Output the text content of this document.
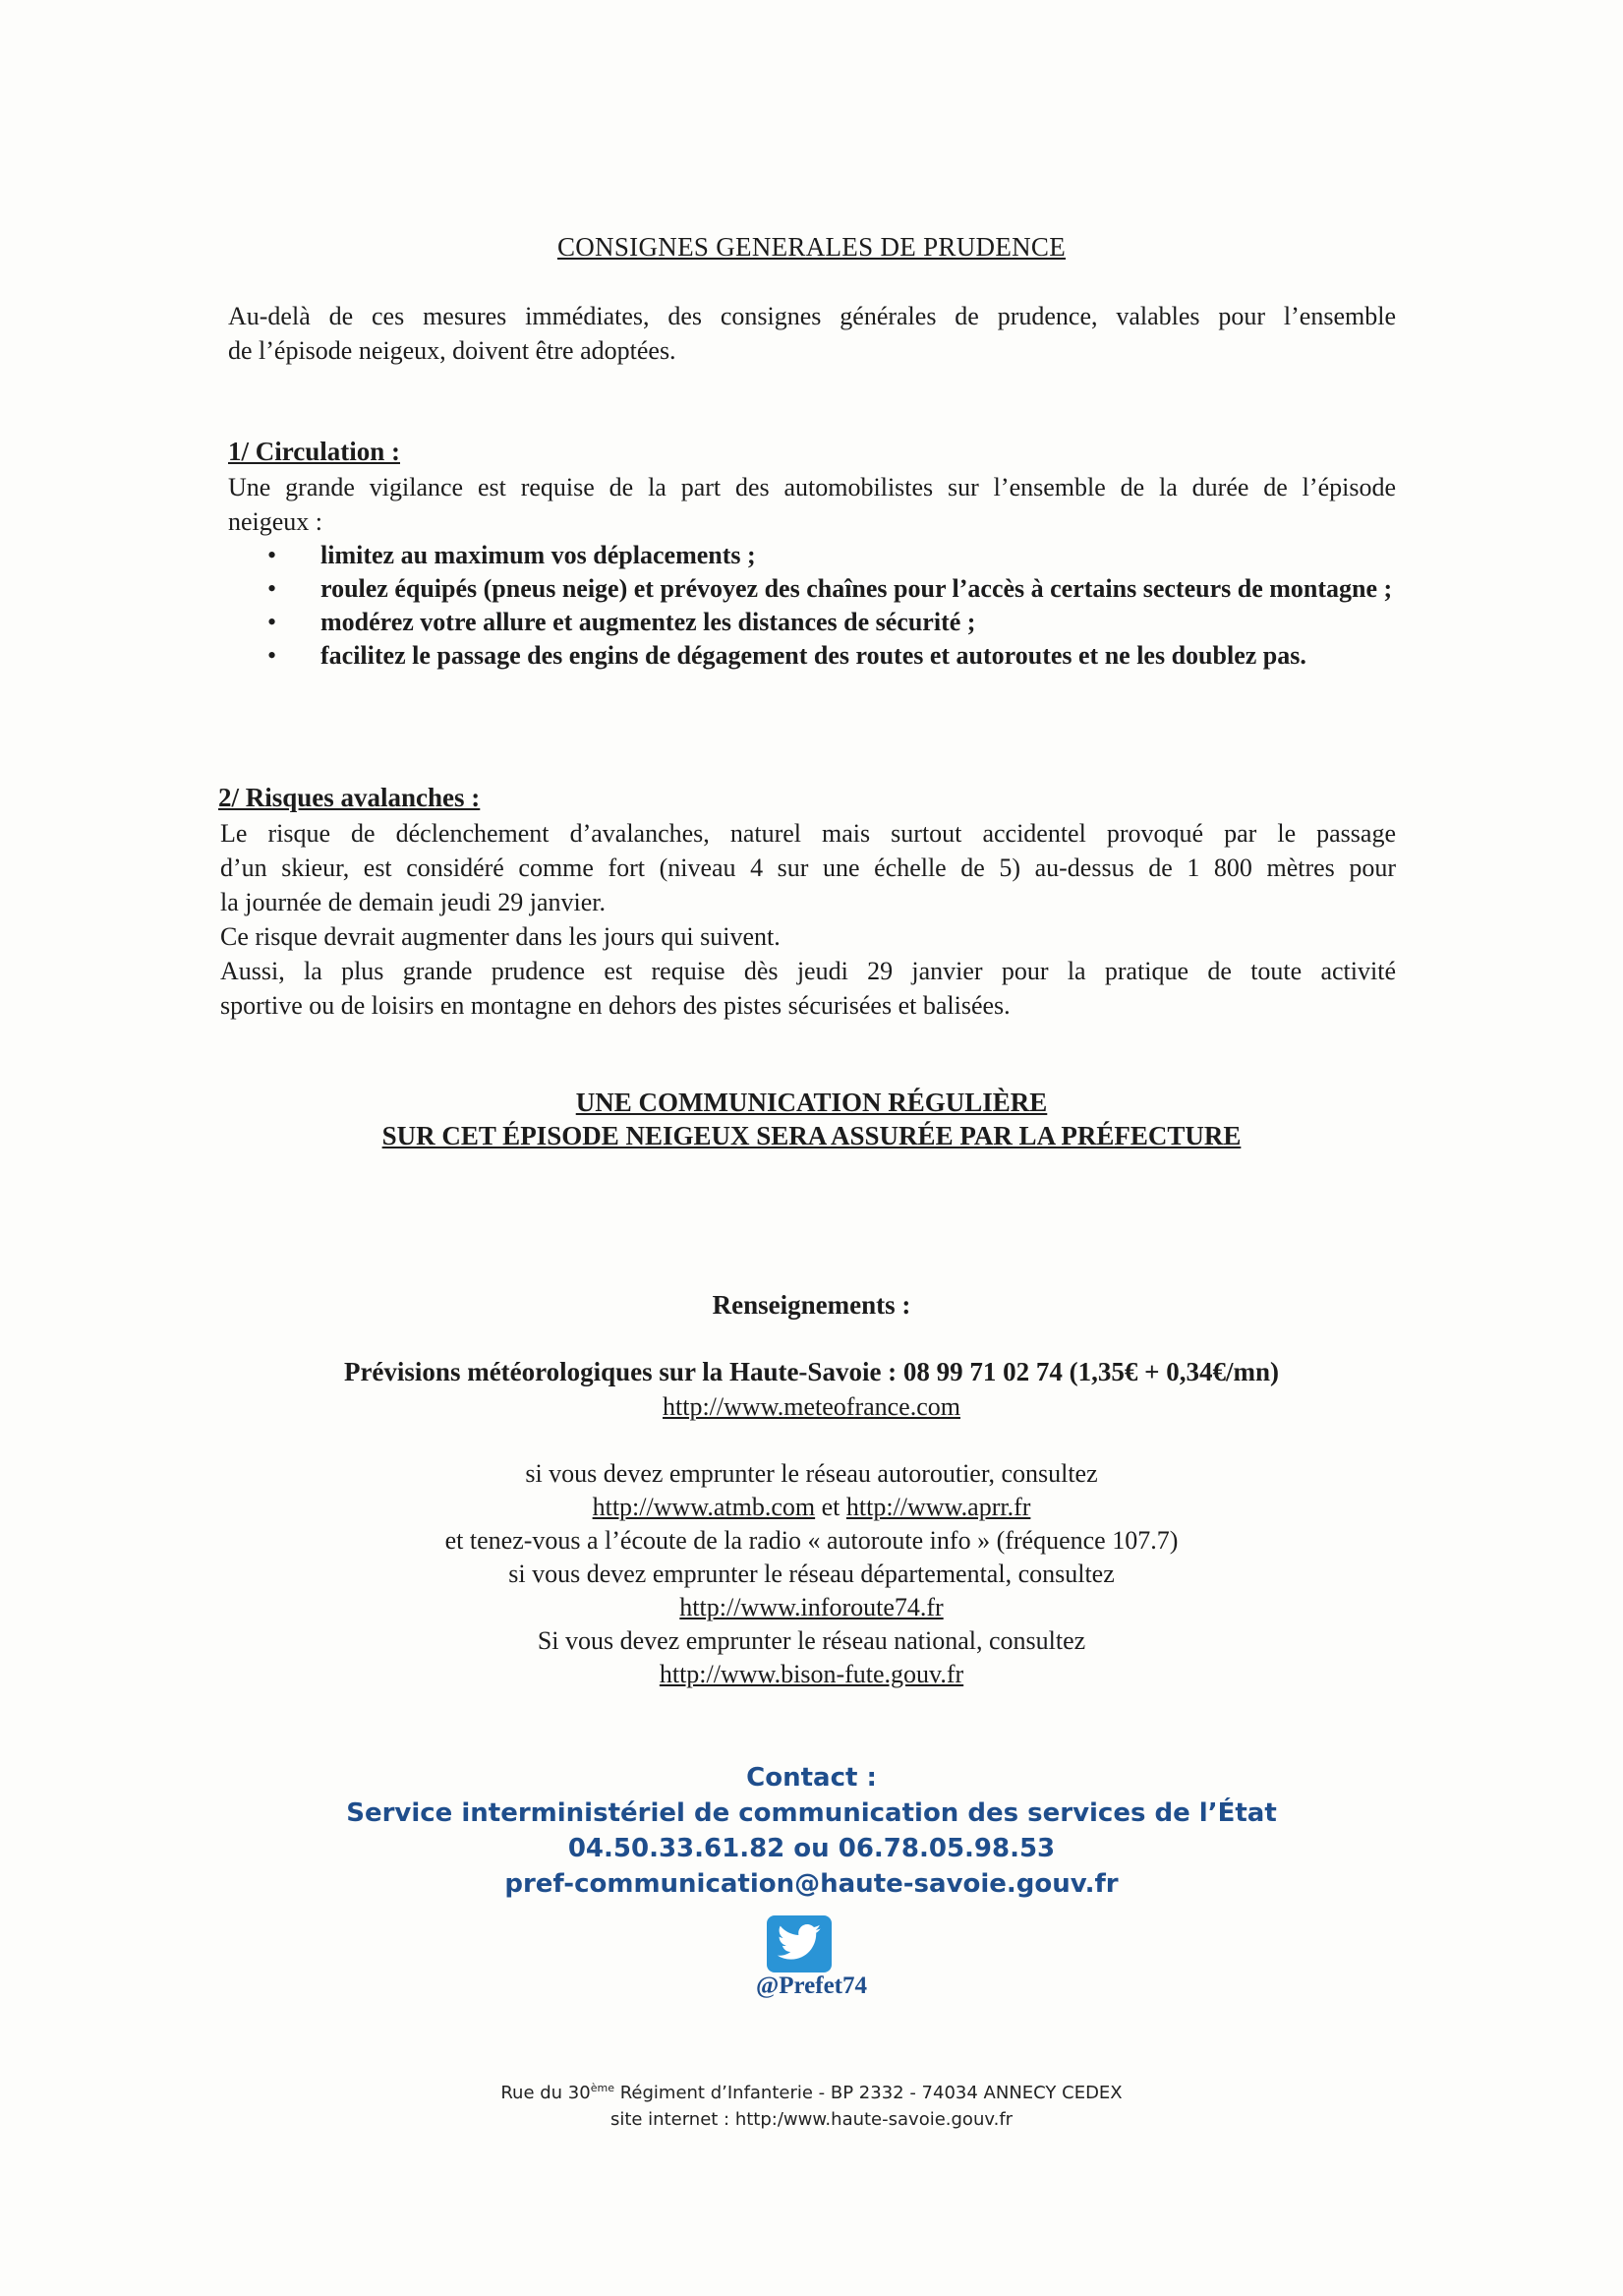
CONSIGNES GENERALES DE PRUDENCE
Au-delà de ces mesures immédiates, des consignes générales de prudence, valables pour l’ensemble
de l’épisode neigeux, doivent être adoptées.
1/ Circulation :
Une grande vigilance est requise de la part des automobilistes sur l’ensemble de la durée de l’épisode
neigeux :
• limitez au maximum vos déplacements ;
• roulez équipés (pneus neige) et prévoyez des chaînes pour l’accès à certains secteurs de montagne ;
• modérez votre allure et augmentez les distances de sécurité ;
• facilitez le passage des engins de dégagement des routes et autoroutes et ne les doublez pas.
2/ Risques avalanches :
Le risque de déclenchement d’avalanches, naturel mais surtout accidentel provoqué par le passage
d’un skieur, est considéré comme fort (niveau 4 sur une échelle de 5) au-dessus de 1 800 mètres pour
la journée de demain jeudi 29 janvier.
Ce risque devrait augmenter dans les jours qui suivent.
Aussi, la plus grande prudence est requise dès jeudi 29 janvier pour la pratique de toute activité
sportive ou de loisirs en montagne en dehors des pistes sécurisées et balisées.
UNE COMMUNICATION RÉGULIÈRE
SUR CET ÉPISODE NEIGEUX SERA ASSURÉE PAR LA PRÉFECTURE
Renseignements :
Prévisions météorologiques sur la Haute-Savoie : 08 99 71 02 74 (1,35€ + 0,34€/mn)
http://www.meteofrance.com
si vous devez emprunter le réseau autoroutier, consultez
http://www.atmb.com et http://www.aprr.fr
et tenez-vous a l’écoute de la radio « autoroute info » (fréquence 107.7)
si vous devez emprunter le réseau départemental, consultez
http://www.inforoute74.fr
Si vous devez emprunter le réseau national, consultez
http://www.bison-fute.gouv.fr
Contact :
Service interministériel de communication des services de l’État
04.50.33.61.82 ou 06.78.05.98.53
pref-communication@haute-savoie.gouv.fr
@Prefet74
Rue du 30ème Régiment d’Infanterie - BP 2332 - 74034 ANNECY CEDEX
site internet : http:/www.haute-savoie.gouv.fr
